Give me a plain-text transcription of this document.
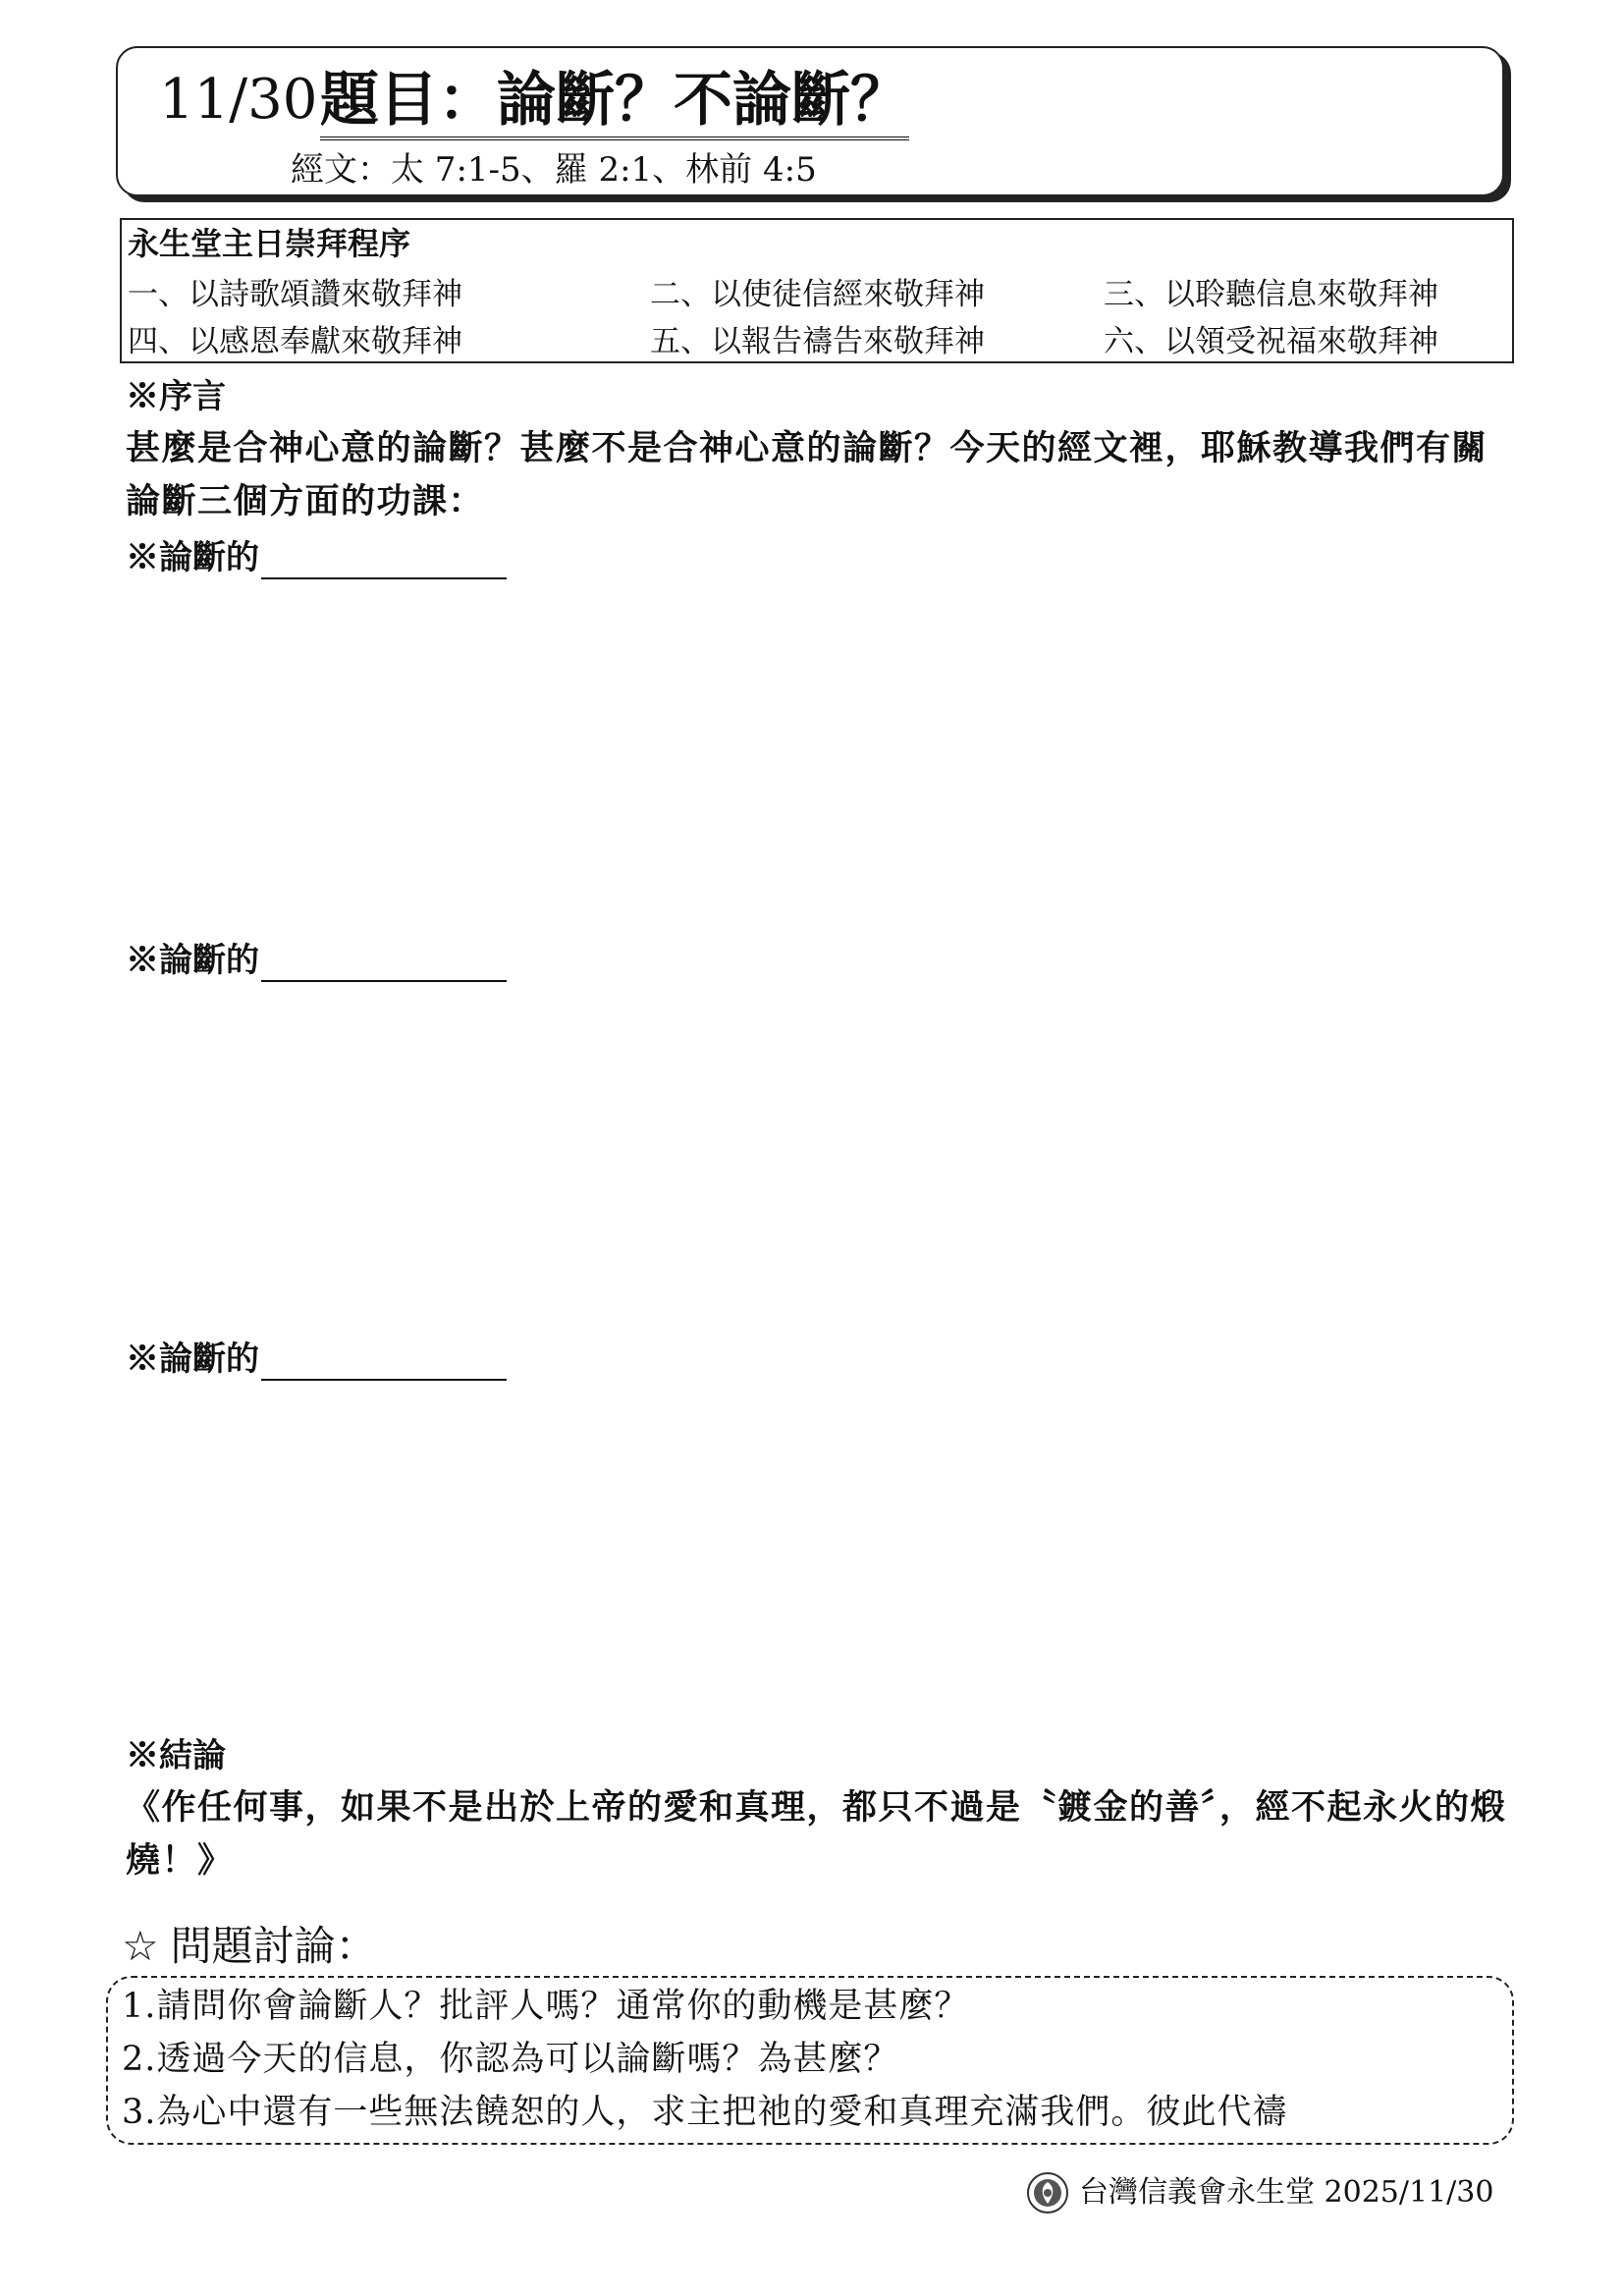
11/30 題目：論斷？不論斷？
經文：太 7:1-5、羅 2:1、林前 4:5
永生堂主日崇拜程序
一、以詩歌頌讚來敬拜神	二、以使徒信經來敬拜神	三、以聆聽信息來敬拜神
四、以感恩奉獻來敬拜神	五、以報告禱告來敬拜神	六、以領受祝福來敬拜神
※序言
甚麼是合神心意的論斷？甚麼不是合神心意的論斷？今天的經文裡，耶穌教導我們有關論斷三個方面的功課：
※論斷的
※論斷的
※論斷的
※結論
《作任何事，如果不是出於上帝的愛和真理，都只不過是〝鍍金的善〞，經不起永火的煅燒！》
☆ 問題討論：
1.請問你會論斷人？批評人嗎？通常你的動機是甚麼？
2.透過今天的信息，你認為可以論斷嗎？為甚麼？
3.為心中還有一些無法饒恕的人，求主把祂的愛和真理充滿我們。彼此代禱
台灣信義會永生堂 2025/11/30
